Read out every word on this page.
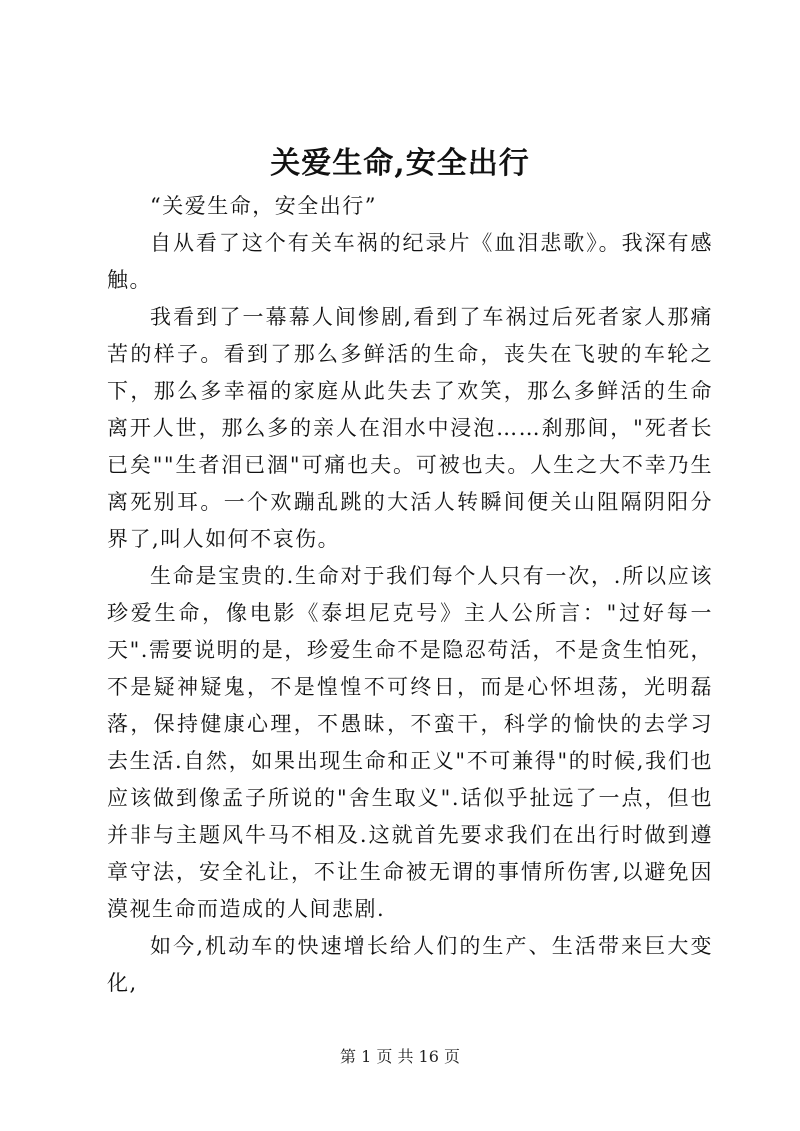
关爱生命,安全出行

“关爱生命，安全出行”

自从看了这个有关车祸的纪录片《血泪悲歌》。我深有感触。

我看到了一幕幕人间惨剧,看到了车祸过后死者家人那痛苦的样子。看到了那么多鲜活的生命，丧失在飞驶的车轮之下，那么多幸福的家庭从此失去了欢笑，那么多鲜活的生命离开人世，那么多的亲人在泪水中浸泡……刹那间，"死者长已矣""生者泪已涸"可痛也夫。可被也夫。人生之大不幸乃生离死别耳。一个欢蹦乱跳的大活人转瞬间便关山阻隔阴阳分界了,叫人如何不哀伤。

生命是宝贵的.生命对于我们每个人只有一次，.所以应该珍爱生命，像电影《泰坦尼克号》主人公所言："过好每一天".需要说明的是，珍爱生命不是隐忍苟活，不是贪生怕死，不是疑神疑鬼，不是惶惶不可终日，而是心怀坦荡，光明磊落，保持健康心理，不愚昧，不蛮干，科学的愉快的去学习去生活.自然，如果出现生命和正义"不可兼得"的时候,我们也应该做到像孟子所说的"舍生取义".话似乎扯远了一点，但也并非与主题风牛马不相及.这就首先要求我们在出行时做到遵章守法，安全礼让，不让生命被无谓的事情所伤害,以避免因漠视生命而造成的人间悲剧.

如今,机动车的快速增长给人们的生产、生活带来巨大变化,

第 1 页 共 16 页
